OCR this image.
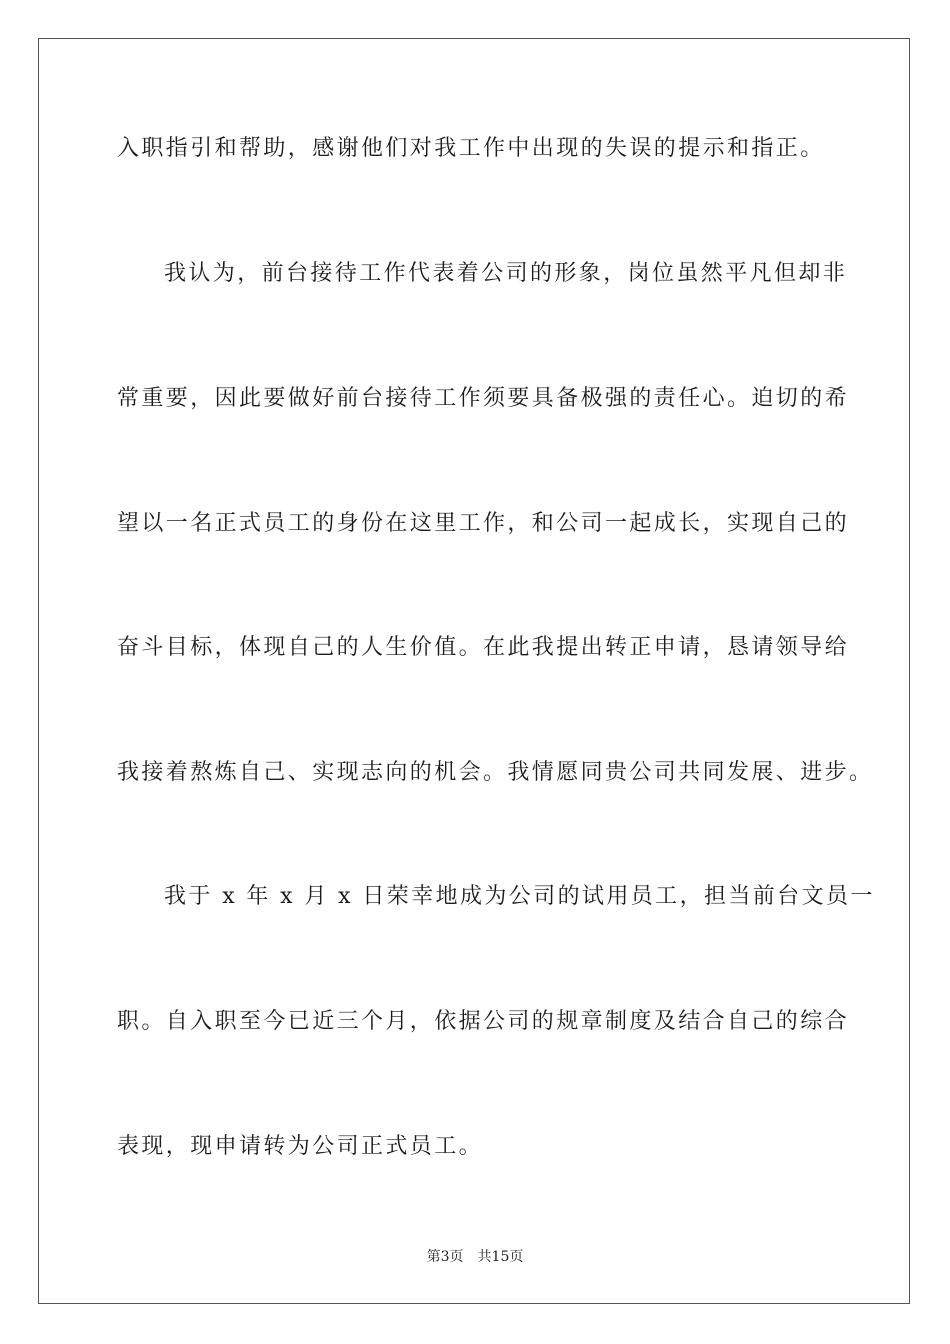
入职指引和帮助，感谢他们对我工作中出现的失误的提示和指正。
我认为，前台接待工作代表着公司的形象，岗位虽然平凡但却非
常重要，因此要做好前台接待工作须要具备极强的责任心。迫切的希
望以一名正式员工的身份在这里工作，和公司一起成长，实现自己的
奋斗目标，体现自己的人生价值。在此我提出转正申请，恳请领导给
我接着熬炼自己、实现志向的机会。我情愿同贵公司共同发展、进步。
我于 x 年 x 月 x 日荣幸地成为公司的试用员工，担当前台文员一
职。自入职至今已近三个月，依据公司的规章制度及结合自己的综合
表现，现申请转为公司正式员工。
第3页 共15页
